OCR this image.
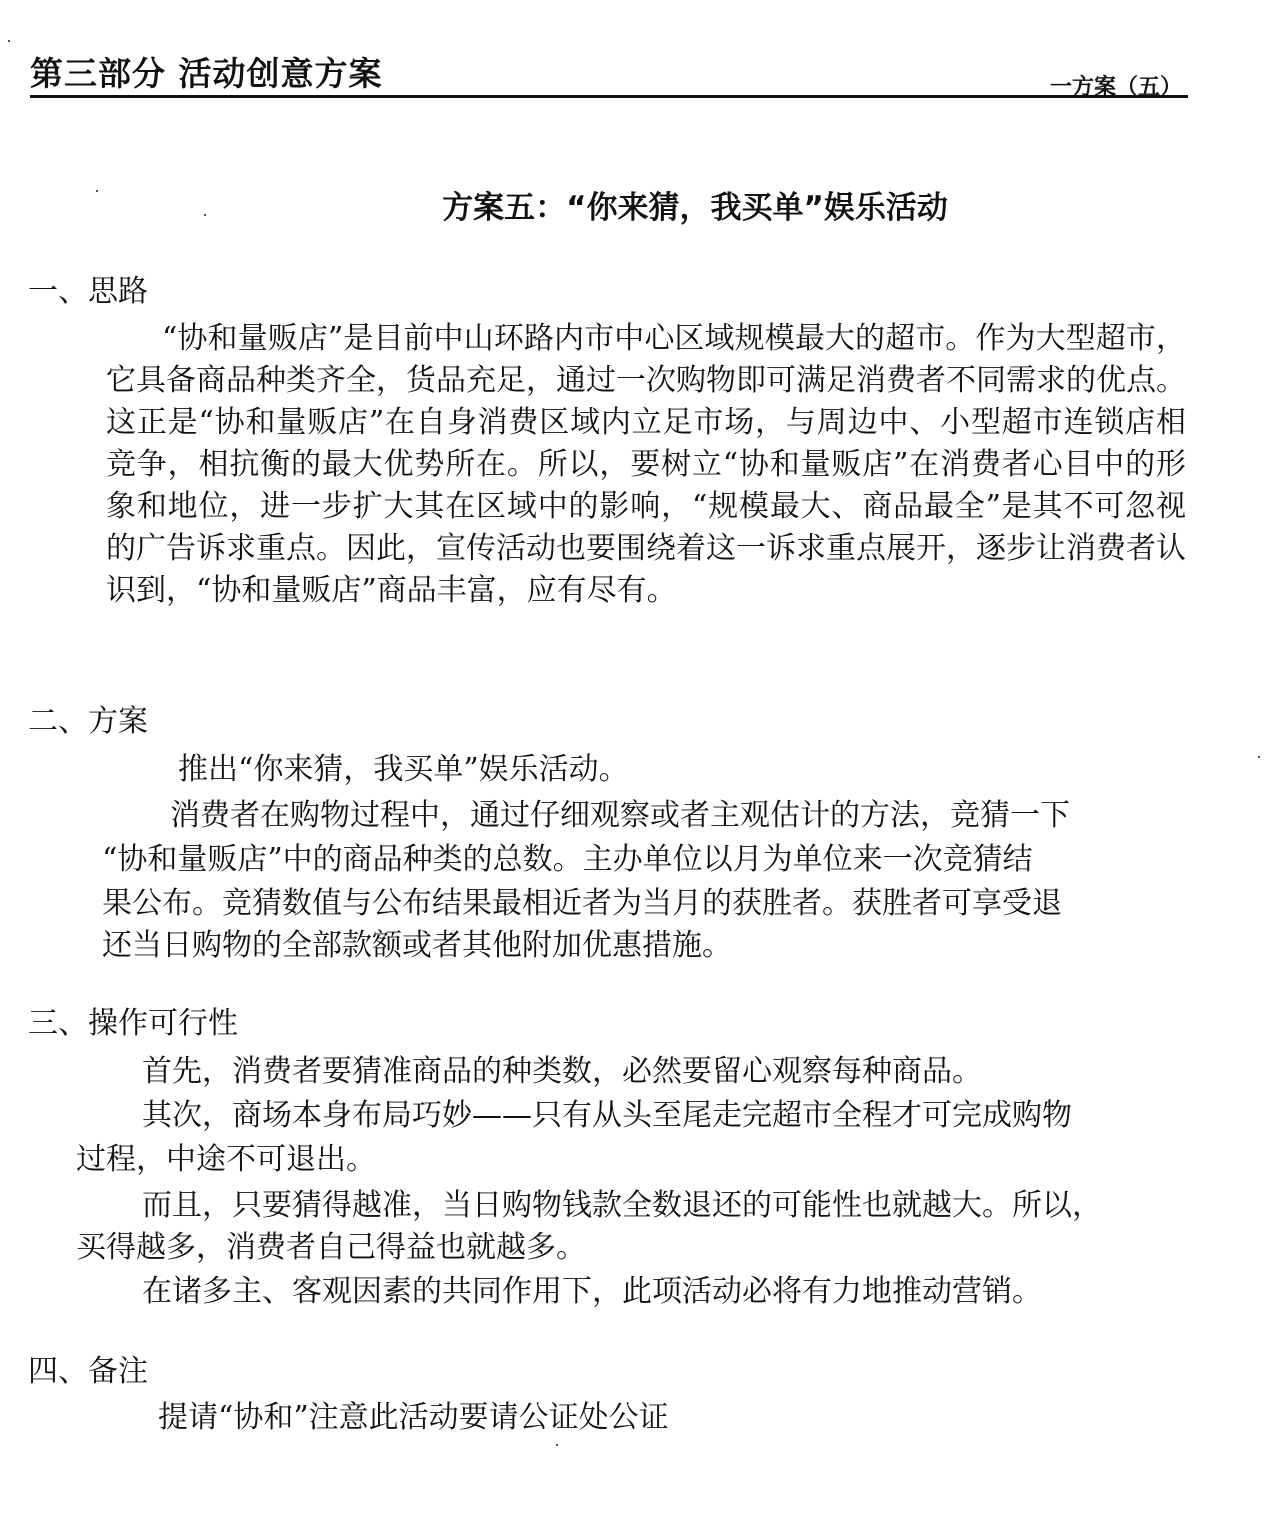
第三部分 活动创意方案	一方案（五）
方案五：“你来猜，我买单”娱乐活动
一、思路

“协和量贩店”是目前中山环路内市中心区域规模最大的超市。作为大型超市，它具备商品种类齐全，货品充足，通过一次购物即可满足消费者不同需求的优点。这正是“协和量贩店”在自身消费区域内立足市场，与周边中、小型超市连锁店相竞争，相抗衡的最大优势所在。所以，要树立“协和量贩店”在消费者心目中的形象和地位，进一步扩大其在区域中的影响，“规模最大、商品最全”是其不可忽视的广告诉求重点。因此，宣传活动也要围绕着这一诉求重点展开，逐步让消费者认识到，“协和量贩店”商品丰富，应有尽有。

二、方案
推出“你来猜，我买单”娱乐活动。
消费者在购物过程中，通过仔细观察或者主观估计的方法，竞猜一下
“协和量贩店”中的商品种类的总数。主办单位以月为单位来一次竞猜结
果公布。竞猜数值与公布结果最相近者为当月的获胜者。获胜者可享受退
还当日购物的全部款额或者其他附加优惠措施。
三、操作可行性
首先，消费者要猜准商品的种类数，必然要留心观察每种商品。
其次，商场本身布局巧妙——只有从头至尾走完超市全程才可完成购物
过程，中途不可退出。
而且，只要猜得越准，当日购物钱款全数退还的可能性也就越大。所以，
买得越多，消费者自己得益也就越多。
在诸多主、客观因素的共同作用下，此项活动必将有力地推动营销。
四、备注
提请“协和”注意此活动要请公证处公证
